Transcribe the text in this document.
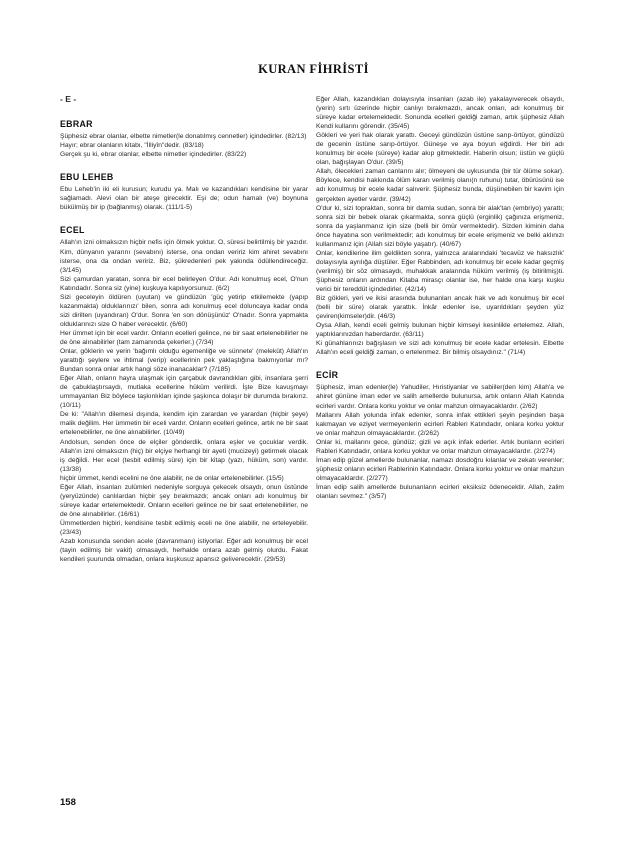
KURAN FİHRİSTİ
- E -
EBRAR

Şüphesiz ebrar olanlar, elbette nimetler(le donatılmış cennetler) içindedirler. (82/13)

Hayır; ebrar olanların kitabı, "İlliyîn"dedir. (83/18)

Gerçek şu ki, ebrar olanlar, elbette nimetler içindedirler. (83/22)

EBU LEHEB

Ebu Leheb'in iki eli kurusun; kurudu ya. Malı ve kazandıkları kendisine bir yarar sağlamadı. Alevi olan bir ateşe girecektir. Eşi de; odun hamalı (ve) boynuna bükülmüş bir ip (bağlanmış) olarak. (111/1-5)

ECEL

Allah'ın izni olmaksızın hiçbir nefis için ölmek yoktur. O, süresi belirtilmiş bir yazıdır. Kim, dünyanın yararını (sevabını) isterse, ona ondan veririz kim ahiret sevabını isterse, ona da ondan veririz. Biz, şükredenleri pek yakında ödüllendireceğiz. (3/145)

Sizi çamurdan yaratan, sonra bir ecel belirleyen O'dur. Adı konulmuş ecel, O'nun Katındadır. Sonra siz (yine) kuşkuya kapılıyorsunuz. (6/2)

Sizi geceleyin öldüren (uyutan) ve gündüzün 'güç yetirip etkilemekte (yapıp kazanmakta) olduklarınızı' bilen, sonra adı konulmuş ecel doluncaya kadar onda sizi dirilten (uyandıran) O'dur. Sonra 'en son dönüşünüz' O'nadır. Sonra yapmakta olduklarınızı size O haber verecektir. (6/60)

Her ümmet için bir ecel vardır. Onların ecelleri gelince, ne bir saat ertelenebilirler ne de öne alınabilirler (tam zamanında çekerler.) (7/34)

Onlar, göklerin ve yerin 'bağımlı olduğu egemenliğe ve sünnete' (melekût) Allah'ın yarattığı şeylere ve ihtimal (verip) ecellerinin pek yaklaştığına bakmıyorlar mı? Bundan sonra onlar artık hangi söze inanacaklar? (7/185)

Eğer Allah, onların hayra ulaşmak için çarçabuk davrandıkları gibi, insanlara şerri de çabuklaştırsaydı, mutlaka ecellerine hüküm verilirdi. İşte Bize kavuşmayı ummayanları Biz böylece taşkınlıkları içinde şaşkınca dolaşır bir durumda bırakırız. (10/11)

De ki: "Allah'ın dilemesi dışında, kendim için zarardan ve yarardan (hiçbir şeye) malik değilim. Her ümmetin bir eceli vardır. Onların ecelleri gelince, artık ne bir saat ertelenebilirler, ne öne alınabilirler. (10/49)

Andolsun, senden önce de elçiler gönderdik, onlara eşler ve çocuklar verdik. Allah'ın izni olmaksızın (hiç) bir elçiye herhangi bir ayeti (mucizeyi) getirmek olacak iş değildi. Her ecel (tesbit edilmiş süre) için bir kitap (yazı, hüküm, son) vardır. (13/38)

hiçbir ümmet, kendi ecelini ne öne alabilir, ne de onlar ertelenebilirler. (15/5)

Eğer Allah, insanları zulümleri nedeniyle sorguya çekecek olsaydı, onun üstünde (yeryüzünde) canlılardan hiçbir şey bırakmazdı; ancak onları adı konulmuş bir süreye kadar ertelemektedir. Onların ecelleri gelince ne bir saat ertelenebilirler, ne de öne alınabilirler. (16/61)

Ümmetlerden hiçbiri, kendisine tesbit edilmiş eceli ne öne alabilir, ne erteleyebilir. (23/43)

Azab konusunda senden acele (davranmanı) istiyorlar. Eğer adı konulmuş bir ecel (tayin edilmiş bir vakit) olmasaydı, herhalde onlara azab gelmiş olurdu. Fakat kendileri şuurunda olmadan, onlara kuşkusuz apansız geliverecektir. (29/53)

Eğer Allah, kazandıkları dolayısıyla insanları (azab ile) yakalayıverecek olsaydı, (yerin) sırtı üzerinde hiçbir canlıyı bırakmazdı, ancak onları, adı konulmuş bir süreye kadar ertelemektedir. Sonunda ecelleri geldiği zaman, artık şüphesiz Allah Kendi kullarını görendir. (35/45)

Gökleri ve yeri hak olarak yarattı. Geceyi gündüzün üstüne sarıp-örtüyor, gündüzü de gecenin üstüne sarıp-örtüyor. Güneşe ve aya boyun eğdirdi. Her biri adı konulmuş bir ecele (süreye) kadar akıp gitmektedir. Haberin olsun; üstün ve güçlü olan, bağışlayan O'dur. (39/5)

Allah, ölecekleri zaman canlarını alır; ölmeyeni de uykusunda (bir tür ölüme sokar). Böylece, kendisi hakkında ölüm kararı verilmiş olanı(n ruhunu) tutar, öbürüsünü ise adı konulmuş bir ecele kadar salıverir. Şüphesiz bunda, düşünebilen bir kavim için gerçekten ayetler vardır. (39/42)

O'dur ki, sizi topraktan, sonra bir damla sudan, sonra bir alak'tan (embriyo) yarattı; sonra sizi bir bebek olarak çıkarmakta, sonra güçlü (erginlik) çağınıza erişmeniz, sonra da yaşlanmanız için size (belli bir ömür vermektedir). Sizden kiminin daha önce hayatına son verilmektedir; adı konulmuş bir ecele erişmeniz ve belki aklınızı kullanmanız için (Allah sizi böyle yaşatır). (40/67)

Onlar, kendilerine ilim geldikten sonra, yalnızca aralarındaki 'tecavüz ve haksızlık' dolayısıyla ayrılığa düştüler. Eğer Rabbinden, adı konulmuş bir ecele kadar geçmiş (verilmiş) bir söz olmasaydı, muhakkak aralarında hüküm verilmiş (iş bitirilmiş)ti. Şüphesiz onların ardından Kitaba mirasçı olanlar ise, her halde ona karşı kuşku verici bir tereddüt içindedirler. (42/14)

Biz gökleri, yeri ve ikisi arasında bulunanları ancak hak ve adı konulmuş bir ecel (belli bir süre) olarak yarattık. İnkâr edenler ise, uyarıldıkları şeyden yüz çeviren(kimseler)dir. (46/3)

Oysa Allah, kendi eceli gelmiş bulunan hiçbir kimseyi kesinlikle ertelemez. Allah, yaptıklarınızdan haberdardır. (63/11)

Ki günahlarınızı bağışlasın ve sizi adı konulmuş bir ecele kadar ertelesin. Elbette Allah'ın eceli geldiği zaman, o ertelenmez. Bir bilmiş olsaydınız." (71/4)

ECİR

Şüphesiz, iman edenler(le) Yahudiler, Hıristiyanlar ve sabiiler(den kim) Allah'a ve ahiret gününe iman eder ve salih amellerde bulunursa, artık onların Allah Katında ecirleri vardır. Onlara korku yoktur ve onlar mahzun olmayacaklardır. (2/62)

Mallarını Allah yolunda infak edenler, sonra infak ettikleri şeyin peşinden başa kakmayan ve eziyet vermeyenlerin ecirleri Rableri Katındadır, onlara korku yoktur ve onlar mahzun olmayacaklardır. (2/262)

Onlar ki, mallarını gece, gündüz; gizli ve açık infak ederler. Artık bunların ecirleri Rableri Katındadır, onlara korku yoktur ve onlar mahzun olmayacaklardır. (2/274)

İman edip güzel amellerde bulunanlar, namazı dosdoğru kılanlar ve zekatı verenler; şüphesiz onların ecirleri Rablerinin Katındadır. Onlara korku yoktur ve onlar mahzun olmayacaklardır. (2/277)

İman edip salih amellerde bulunanların ecirleri eksiksiz ödenecektir. Allah, zalim olanları sevmez." (3/57)

158
